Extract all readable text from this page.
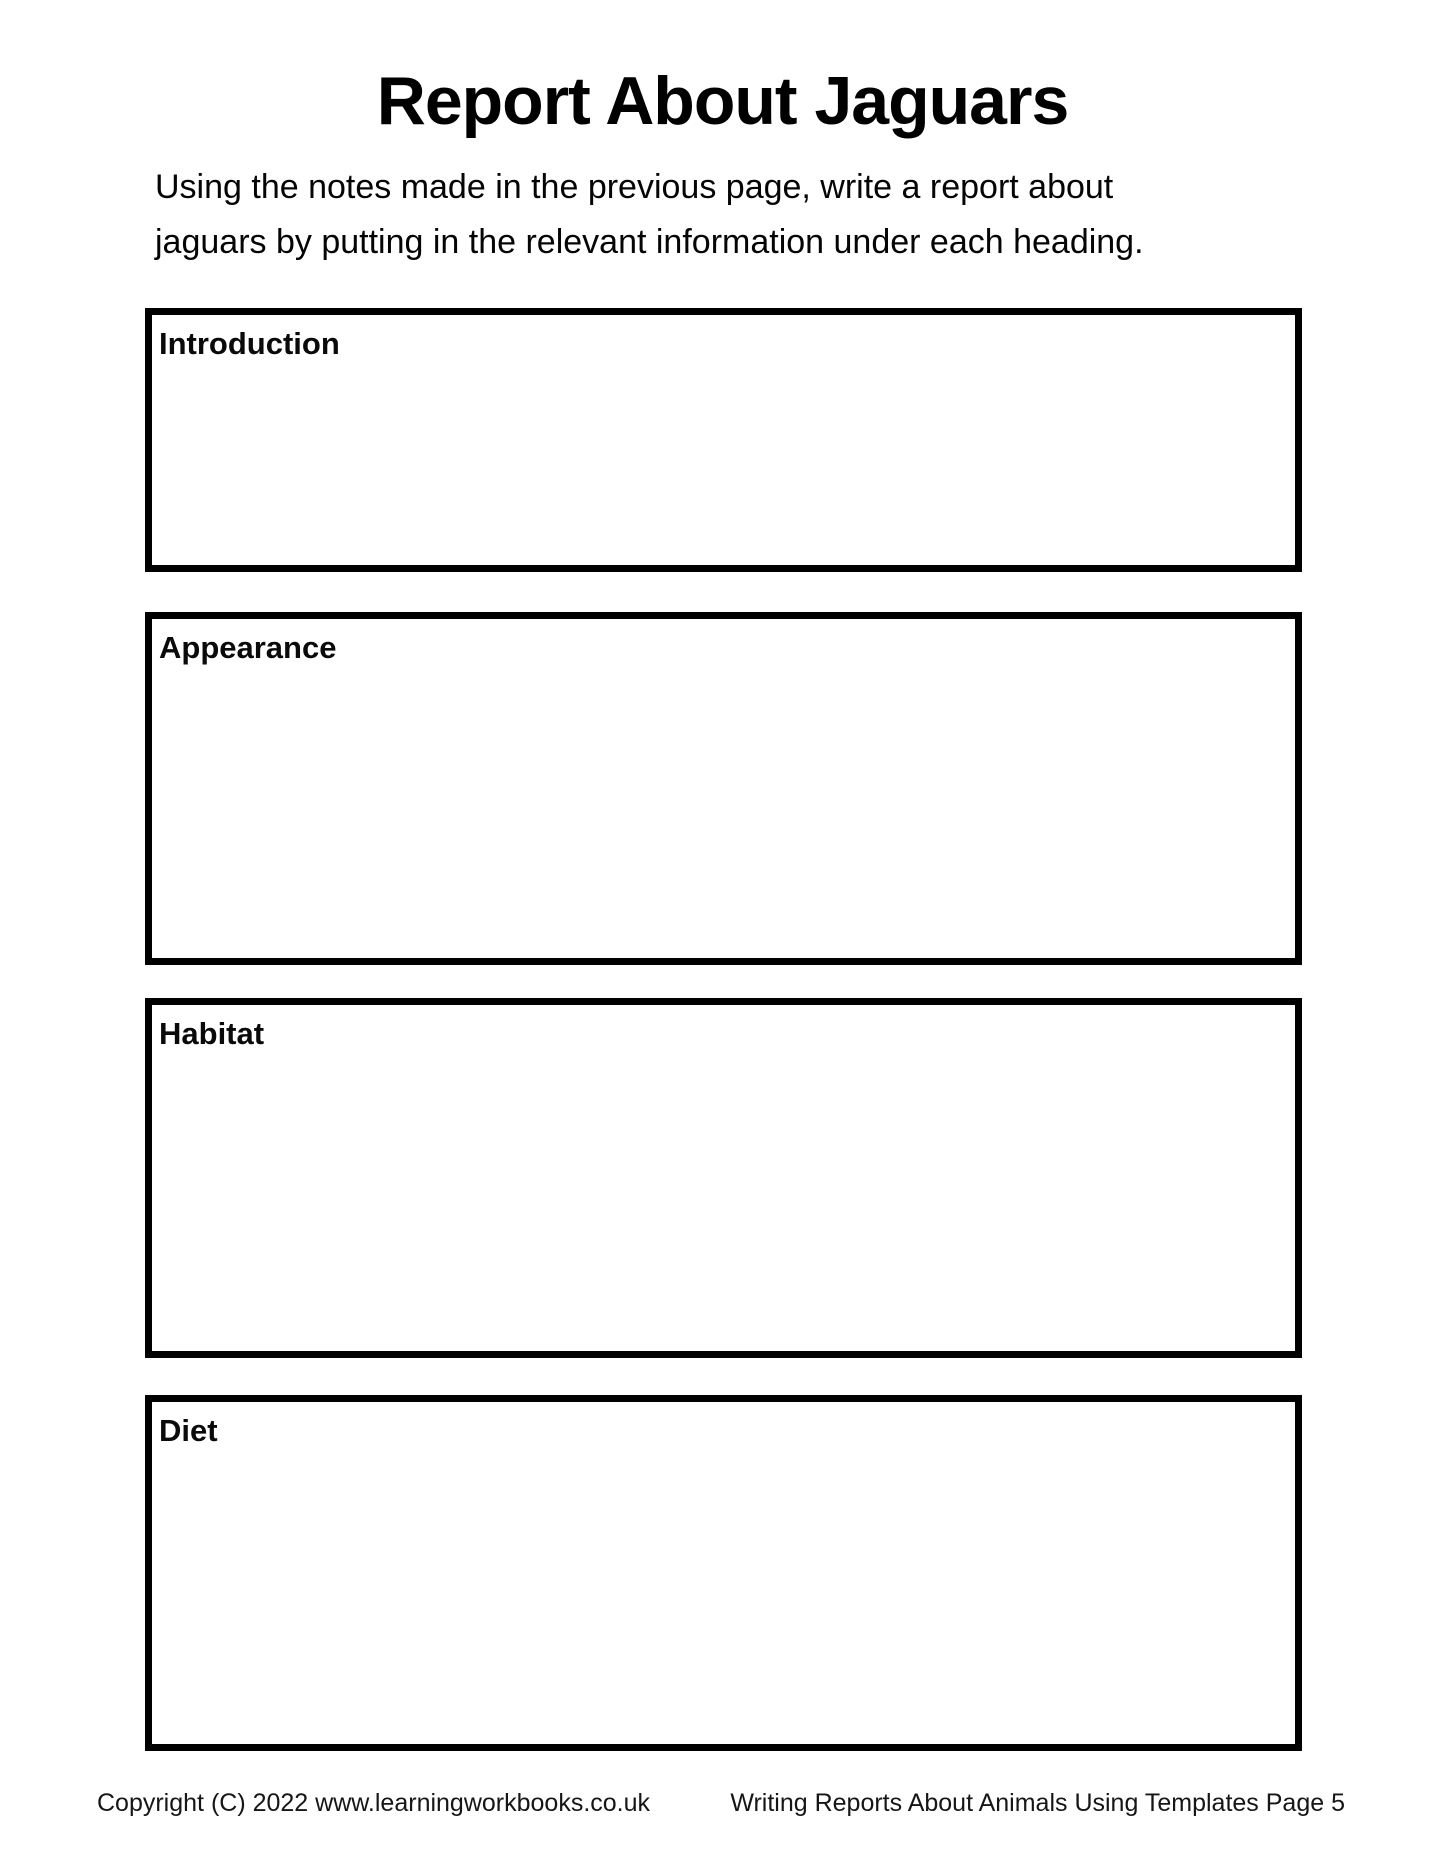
Report About Jaguars

Using the notes made in the previous page, write a report about
jaguars by putting in the relevant information under each heading.

Introduction
Appearance
Habitat
Diet
Copyright (C) 2022 www.learningworkbooks.co.uk	Writing Reports About Animals Using Templates Page 5
